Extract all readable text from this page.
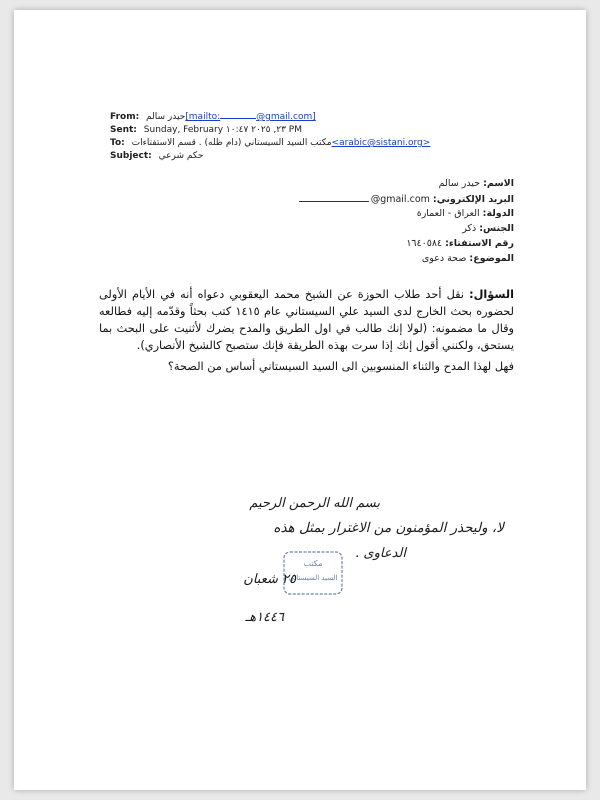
From: حيدر سالم[mailto:	@gmail.com]
Sent: Sunday, February ٢٣, ٢٠٢٥ ١٠:٤٧ PM
To: مكتب السيد السيستاني (دام ظله) . قسم الاستفتاءات<arabic@sistani.org>
Subject: حكم شرعي
الاسم: حيدر سالم
البريد الإلكتروني: @gmail.com
الدولة: العراق - العمارة
الجنس: ذكر
رقم الاستفتاء: ١٦٤٠٥٨٤
الموضوع: صحة دعوى
السؤال: نقل أحد طلاب الحوزة عن الشيخ محمد اليعقوبي دعواه أنه في الأيام الأولى لحضوره بحث الخارج لدى السيد علي السيستاني عام ١٤١٥ كتب بحثاً وقدّمه إليه فطالعه وقال ما مضمونه: (لولا إنك طالب في اول الطريق والمدح يضرك لأثنيت على البحث بما يستحق، ولكنني أقول إنك إذا سرت بهذه الطريقة فإنك ستصبح كالشيخ الأنصاري).
فهل لهذا المدح والثناء المنسوبين الى السيد السيستاني أساس من الصحة؟
بسم الله الرحمن الرحيم
لا، وليحذر المؤمنون من الاغترار بمثل هذه
الدعاوى .
مكتب
السيد السيستاني
٢٥ شعبان
١٤٤٦هـ
